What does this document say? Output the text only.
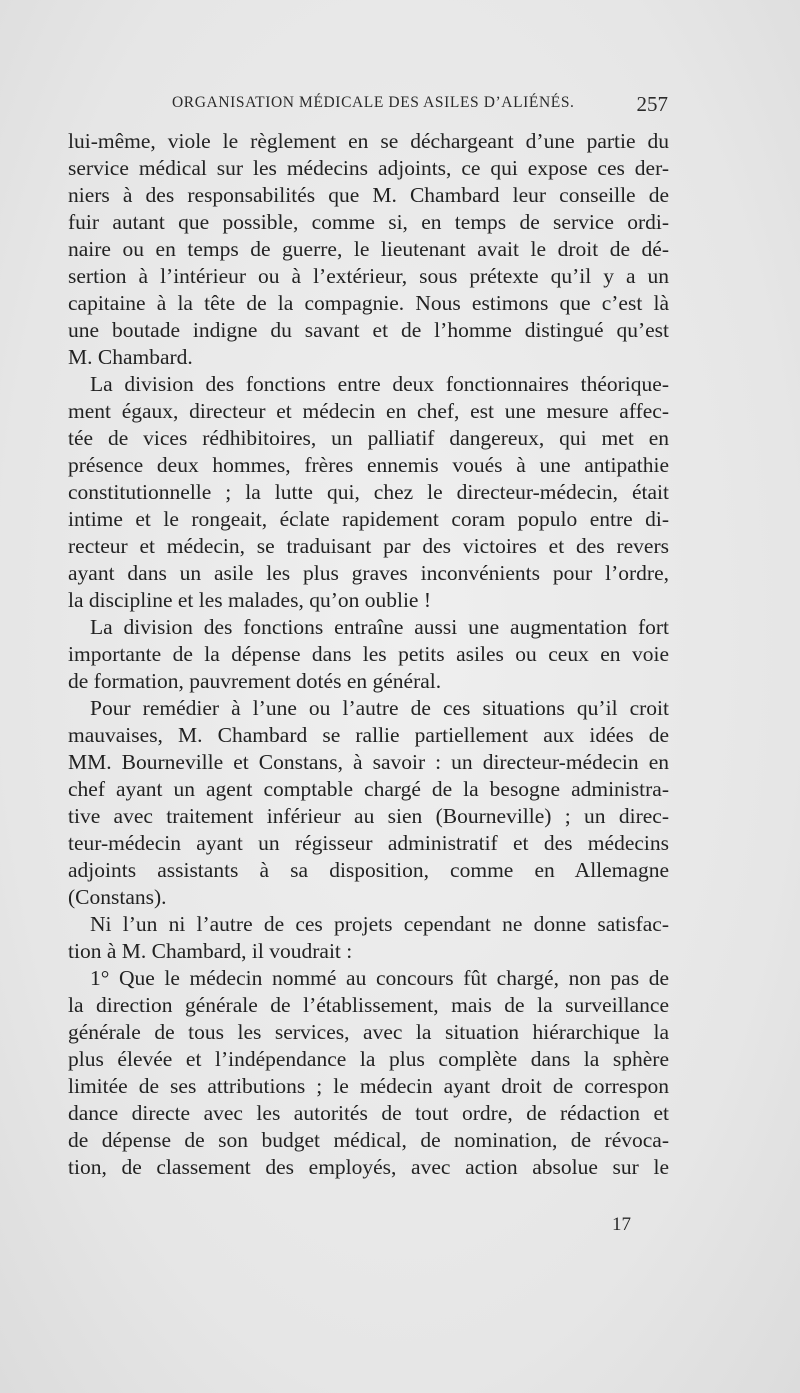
ORGANISATION MÉDICALE DES ASILES D’ALIÉNÉS.	257
lui-même, viole le règlement en se déchargeant d’une partie du
service médical sur les médecins adjoints, ce qui expose ces der-
niers à des responsabilités que M. Chambard leur conseille de
fuir autant que possible, comme si, en temps de service ordi-
naire ou en temps de guerre, le lieutenant avait le droit de dé-
sertion à l’intérieur ou à l’extérieur, sous prétexte qu’il y a un
capitaine à la tête de la compagnie. Nous estimons que c’est là
une boutade indigne du savant et de l’homme distingué qu’est
M. Chambard.
La division des fonctions entre deux fonctionnaires théorique-
ment égaux, directeur et médecin en chef, est une mesure affec-
tée de vices rédhibitoires, un palliatif dangereux, qui met en
présence deux hommes, frères ennemis voués à une antipathie
constitutionnelle ; la lutte qui, chez le directeur-médecin, était
intime et le rongeait, éclate rapidement coram populo entre di-
recteur et médecin, se traduisant par des victoires et des revers
ayant dans un asile les plus graves inconvénients pour l’ordre,
la discipline et les malades, qu’on oublie !
La division des fonctions entraîne aussi une augmentation fort
importante de la dépense dans les petits asiles ou ceux en voie
de formation, pauvrement dotés en général.
Pour remédier à l’une ou l’autre de ces situations qu’il croit
mauvaises, M. Chambard se rallie partiellement aux idées de
MM. Bourneville et Constans, à savoir : un directeur-médecin en
chef ayant un agent comptable chargé de la besogne administra-
tive avec traitement inférieur au sien (Bourneville) ; un direc-
teur-médecin ayant un régisseur administratif et des médecins
adjoints assistants à sa disposition, comme en Allemagne
(Constans).
Ni l’un ni l’autre de ces projets cependant ne donne satisfac-
tion à M. Chambard, il voudrait :
1° Que le médecin nommé au concours fût chargé, non pas de
la direction générale de l’établissement, mais de la surveillance
générale de tous les services, avec la situation hiérarchique la
plus élevée et l’indépendance la plus complète dans la sphère
limitée de ses attributions ; le médecin ayant droit de correspon
dance directe avec les autorités de tout ordre, de rédaction et
de dépense de son budget médical, de nomination, de révoca-
tion, de classement des employés, avec action absolue sur le
17
